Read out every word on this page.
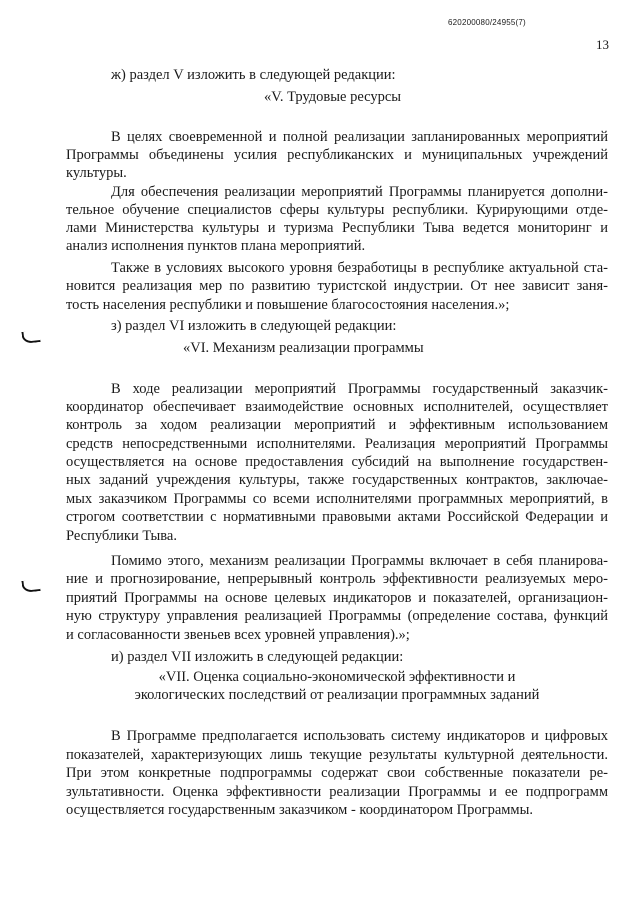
620200080/24955(7)
13
ж) раздел V изложить в следующей редакции:
«V. Трудовые ресурсы
В целях своевременной и полной реализации запланированных мероприятий
Программы объединены усилия республиканских и муниципальных учреждений
культуры.
Для обеспечения реализации мероприятий Программы планируется дополни-
тельное обучение специалистов сферы культуры республики. Курирующими отде-
лами Министерства культуры и туризма Республики Тыва ведется мониторинг и
анализ исполнения пунктов плана мероприятий.
Также в условиях высокого уровня безработицы в республике актуальной ста-
новится реализация мер по развитию туристской индустрии. От нее зависит заня-
тость населения республики и повышение благосостояния населения.»;
з) раздел VI изложить в следующей редакции:
«VI. Механизм реализации программы
В ходе реализации мероприятий Программы государственный заказчик-
координатор обеспечивает взаимодействие основных исполнителей, осуществляет
контроль за ходом реализации мероприятий и эффективным использованием
средств непосредственными исполнителями. Реализация мероприятий Программы
осуществляется на основе предоставления субсидий на выполнение государствен-
ных заданий учреждения культуры, также государственных контрактов, заключае-
мых заказчиком Программы со всеми исполнителями программных мероприятий, в
строгом соответствии с нормативными правовыми актами Российской Федерации и
Республики Тыва.
Помимо этого, механизм реализации Программы включает в себя планирова-
ние и прогнозирование, непрерывный контроль эффективности реализуемых меро-
приятий Программы на основе целевых индикаторов и показателей, организацион-
ную структуру управления реализацией Программы (определение состава, функций
и согласованности звеньев всех уровней управления).»;
и) раздел VII изложить в следующей редакции:
«VII. Оценка социально-экономической эффективности и
экологических последствий от реализации программных заданий
В Программе предполагается использовать систему индикаторов и цифровых
показателей, характеризующих лишь текущие результаты культурной деятельности.
При этом конкретные подпрограммы содержат свои собственные показатели ре-
зультативности. Оценка эффективности реализации Программы и ее подпрограмм
осуществляется государственным заказчиком - координатором Программы.
